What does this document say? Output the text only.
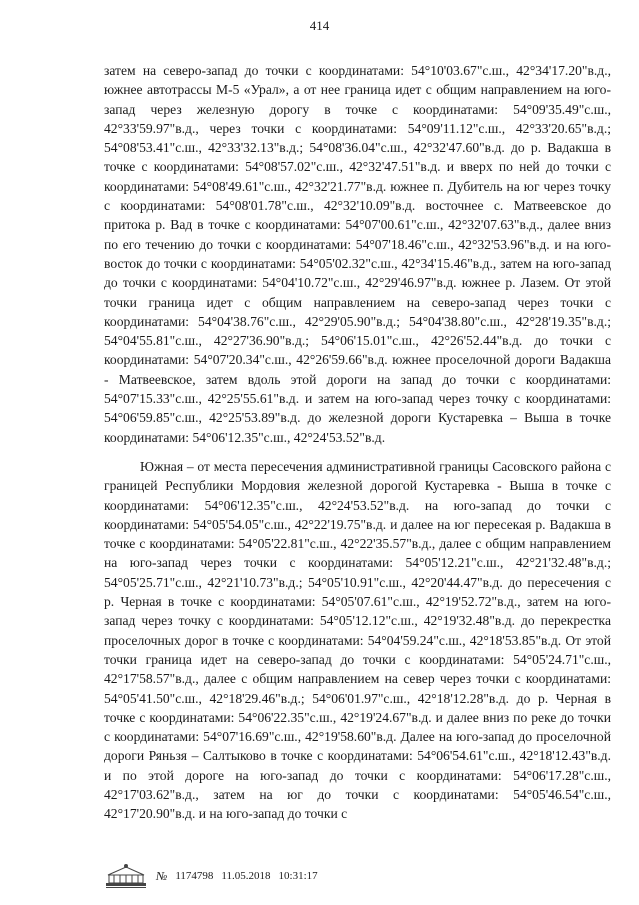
414

затем на северо-запад до точки с координатами: 54°10'03.67"с.ш., 42°34'17.20"в.д., южнее автотрассы М-5 «Урал», а от нее граница идет с общим направлением на юго-запад через железную дорогу в точке с координатами: 54°09'35.49"с.ш., 42°33'59.97"в.д., через точки с координатами: 54°09'11.12"с.ш., 42°33'20.65"в.д.; 54°08'53.41"с.ш., 42°33'32.13"в.д.; 54°08'36.04"с.ш., 42°32'47.60"в.д. до р. Вадакша в точке с координатами: 54°08'57.02"с.ш., 42°32'47.51"в.д. и вверх по ней до точки с координатами: 54°08'49.61"с.ш., 42°32'21.77"в.д. южнее п. Дубитель на юг через точку с координатами: 54°08'01.78"с.ш., 42°32'10.09"в.д. восточнее с. Матвеевское до притока р. Вад в точке с координатами: 54°07'00.61"с.ш., 42°32'07.63"в.д., далее вниз по его течению до точки с координатами: 54°07'18.46"с.ш., 42°32'53.96"в.д. и на юго-восток до точки с координатами: 54°05'02.32"с.ш., 42°34'15.46"в.д., затем на юго-запад до точки с координатами: 54°04'10.72"с.ш., 42°29'46.97"в.д. южнее р. Лазем. От этой точки граница идет с общим направлением на северо-запад через точки с координатами: 54°04'38.76"с.ш., 42°29'05.90"в.д.; 54°04'38.80"с.ш., 42°28'19.35"в.д.; 54°04'55.81"с.ш., 42°27'36.90"в.д.; 54°06'15.01"с.ш., 42°26'52.44"в.д. до точки с координатами: 54°07'20.34"с.ш., 42°26'59.66"в.д. южнее проселочной дороги Вадакша - Матвеевское, затем вдоль этой дороги на запад до точки с координатами: 54°07'15.33"с.ш., 42°25'55.61"в.д. и затем на юго-запад через точку с координатами: 54°06'59.85"с.ш., 42°25'53.89"в.д. до железной дороги Кустаревка – Выша в точке координатами: 54°06'12.35"с.ш., 42°24'53.52"в.д.

Южная – от места пересечения административной границы Сасовского района с границей Республики Мордовия железной дорогой Кустаревка - Выша в точке с координатами: 54°06'12.35"с.ш., 42°24'53.52"в.д. на юго-запад до точки с координатами: 54°05'54.05"с.ш., 42°22'19.75"в.д. и далее на юг пересекая р. Вадакша в точке с координатами: 54°05'22.81"с.ш., 42°22'35.57"в.д., далее с общим направлением на юго-запад через точки с координатами: 54°05'12.21"с.ш., 42°21'32.48"в.д.; 54°05'25.71"с.ш., 42°21'10.73"в.д.; 54°05'10.91"с.ш., 42°20'44.47"в.д. до пересечения с р. Черная в точке с координатами: 54°05'07.61"с.ш., 42°19'52.72"в.д., затем на юго-запад через точку с координатами: 54°05'12.12"с.ш., 42°19'32.48"в.д. до перекрестка проселочных дорог в точке с координатами: 54°04'59.24"с.ш., 42°18'53.85"в.д. От этой точки граница идет на северо-запад до точки с координатами: 54°05'24.71"с.ш., 42°17'58.57"в.д., далее с общим направлением на север через точки с координатами: 54°05'41.50"с.ш., 42°18'29.46"в.д.; 54°06'01.97"с.ш., 42°18'12.28"в.д. до р. Черная в точке с координатами: 54°06'22.35"с.ш., 42°19'24.67"в.д. и далее вниз по реке до точки с координатами: 54°07'16.69"с.ш., 42°19'58.60"в.д. Далее на юго-запад до проселочной дороги Ряньзя – Салтыково в точке с координатами: 54°06'54.61"с.ш., 42°18'12.43"в.д. и по этой дороге на юго-запад до точки с координатами: 54°06'17.28"с.ш., 42°17'03.62"в.д., затем на юг до точки с координатами: 54°05'46.54"с.ш., 42°17'20.90"в.д. и на юго-запад до точки с

№ 1174798 11.05.2018 10:31:17
